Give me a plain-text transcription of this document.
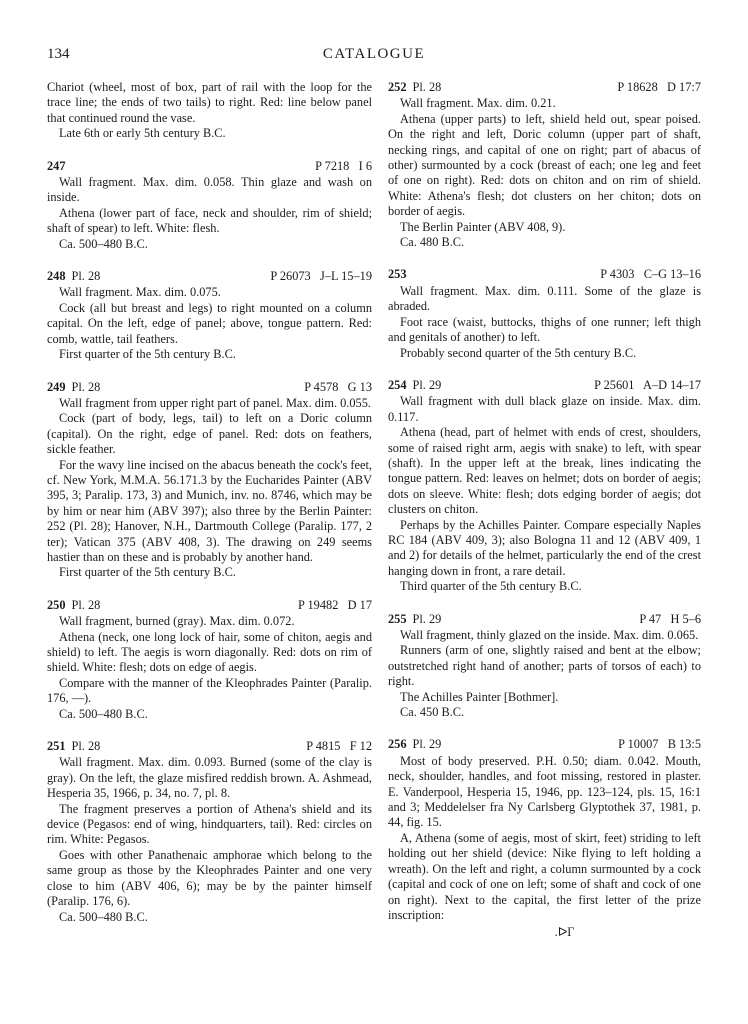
134	CATALOGUE

Chariot (wheel, most of box, part of rail with the loop for the trace line; the ends of two tails) to right. Red: line below panel that continued round the vase.

Late 6th or early 5th century B.C.

247	P 7218 I 6

Wall fragment. Max. dim. 0.058. Thin glaze and wash on inside.

Athena (lower part of face, neck and shoulder, rim of shield; shaft of spear) to left. White: flesh.

Ca. 500–480 B.C.

248 Pl. 28	P 26073 J–L 15–19

Wall fragment. Max. dim. 0.075.

Cock (all but breast and legs) to right mounted on a column capital. On the left, edge of panel; above, tongue pattern. Red: comb, wattle, tail feathers.

First quarter of the 5th century B.C.

249 Pl. 28	P 4578 G 13

Wall fragment from upper right part of panel. Max. dim. 0.055.

Cock (part of body, legs, tail) to left on a Doric column (capital). On the right, edge of panel. Red: dots on feathers, sickle feather.

For the wavy line incised on the abacus beneath the cock's feet, cf. New York, M.M.A. 56.171.3 by the Eucharides Painter (ABV 395, 3; Paralip. 173, 3) and Munich, inv. no. 8746, which may be by him or near him (ABV 397); also three by the Berlin Painter: 252 (Pl. 28); Hanover, N.H., Dartmouth College (Paralip. 177, 2 ter); Vatican 375 (ABV 408, 3). The drawing on 249 seems hastier than on these and is probably by another hand.

First quarter of the 5th century B.C.

250 Pl. 28	P 19482 D 17

Wall fragment, burned (gray). Max. dim. 0.072.

Athena (neck, one long lock of hair, some of chiton, aegis and shield) to left. The aegis is worn diagonally. Red: dots on rim of shield. White: flesh; dots on edge of aegis.

Compare with the manner of the Kleophrades Painter (Paralip. 176, —).

Ca. 500–480 B.C.

251 Pl. 28	P 4815 F 12

Wall fragment. Max. dim. 0.093. Burned (some of the clay is gray). On the left, the glaze misfired reddish brown. A. Ashmead, Hesperia 35, 1966, p. 34, no. 7, pl. 8.

The fragment preserves a portion of Athena's shield and its device (Pegasos: end of wing, hindquarters, tail). Red: circles on rim. White: Pegasos.

Goes with other Panathenaic amphorae which belong to the same group as those by the Kleophrades Painter and one very close to him (ABV 406, 6); may be by the painter himself (Paralip. 176, 6).

Ca. 500–480 B.C.

252 Pl. 28	P 18628 D 17:7

Wall fragment. Max. dim. 0.21.

Athena (upper parts) to left, shield held out, spear poised. On the right and left, Doric column (upper part of shaft, necking rings, and capital of one on right; part of abacus of other) surmounted by a cock (breast of each; one leg and feet of one on right). Red: dots on chiton and on rim of shield. White: Athena's flesh; dot clusters on her chiton; dots on border of aegis.

The Berlin Painter (ABV 408, 9).

Ca. 480 B.C.

253	P 4303 C–G 13–16

Wall fragment. Max. dim. 0.111. Some of the glaze is abraded.

Foot race (waist, buttocks, thighs of one runner; left thigh and genitals of another) to left.

Probably second quarter of the 5th century B.C.

254 Pl. 29	P 25601 A–D 14–17

Wall fragment with dull black glaze on inside. Max. dim. 0.117.

Athena (head, part of helmet with ends of crest, shoulders, some of raised right arm, aegis with snake) to left, with spear (shaft). In the upper left at the break, lines indicating the tongue pattern. Red: leaves on helmet; dots on border of aegis; dots on sleeve. White: flesh; dots edging border of aegis; dot clusters on chiton.

Perhaps by the Achilles Painter. Compare especially Naples RC 184 (ABV 409, 3); also Bologna 11 and 12 (ABV 409, 1 and 2) for details of the helmet, particularly the end of the crest hanging down in front, a rare detail.

Third quarter of the 5th century B.C.

255 Pl. 29	P 47 H 5–6

Wall fragment, thinly glazed on the inside. Max. dim. 0.065.

Runners (arm of one, slightly raised and bent at the elbow; outstretched right hand of another; parts of torsos of each) to right.

The Achilles Painter [Bothmer].

Ca. 450 B.C.

256 Pl. 29	P 10007 B 13:5

Most of body preserved. P.H. 0.50; diam. 0.042. Mouth, neck, shoulder, handles, and foot missing, restored in plaster. E. Vanderpool, Hesperia 15, 1946, pp. 123–124, pls. 15, 16:1 and 3; Meddelelser fra Ny Carlsberg Glyptothek 37, 1981, p. 44, fig. 15.

A, Athena (some of aegis, most of skirt, feet) striding to left holding out her shield (device: Nike flying to left holding a wreath). On the left and right, a column surmounted by a cock (capital and cock of one on left; some of shaft and cock of one on right). Next to the capital, the first letter of the prize inscription:

.ᐅΓ
